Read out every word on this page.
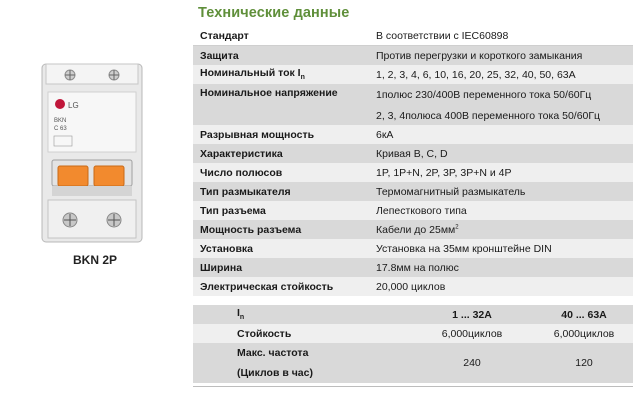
LG
BKN
C 63
BKN 2P
Технические данные
Стандарт	В соответствии с IEC60898
Защита	Против перегрузки и короткого замыкания
Номинальный ток $I_n$	1, 2, 3, 4, 6, 10, 16, 20, 25, 32, 40, 50, 63А
Номинальное напряжение	1полюс 230/400В переменного тока 50/60Гц
	2, 3, 4полюса 400В переменного тока 50/60Гц
Разрывная мощность	6кА
Характеристика	Кривая B, C, D
Число полюсов	1P, 1P+N, 2P, 3P, 3P+N и 4P
Тип размыкателя	Термомагнитный размыкатель
Тип разъема	Лепесткового типа
Мощность разъема	Кабели до $25мм^2$
Установка	Установка на 35мм кронштейне DIN
Ширина	17.8мм на полюс
Электрическая стойкость	20,000 циклов
$I_n$	1 ... 32A	40 ... 63A
Стойкость	6,000циклов	6,000циклов

Макс. частота
(Циклов в час)	240	120
